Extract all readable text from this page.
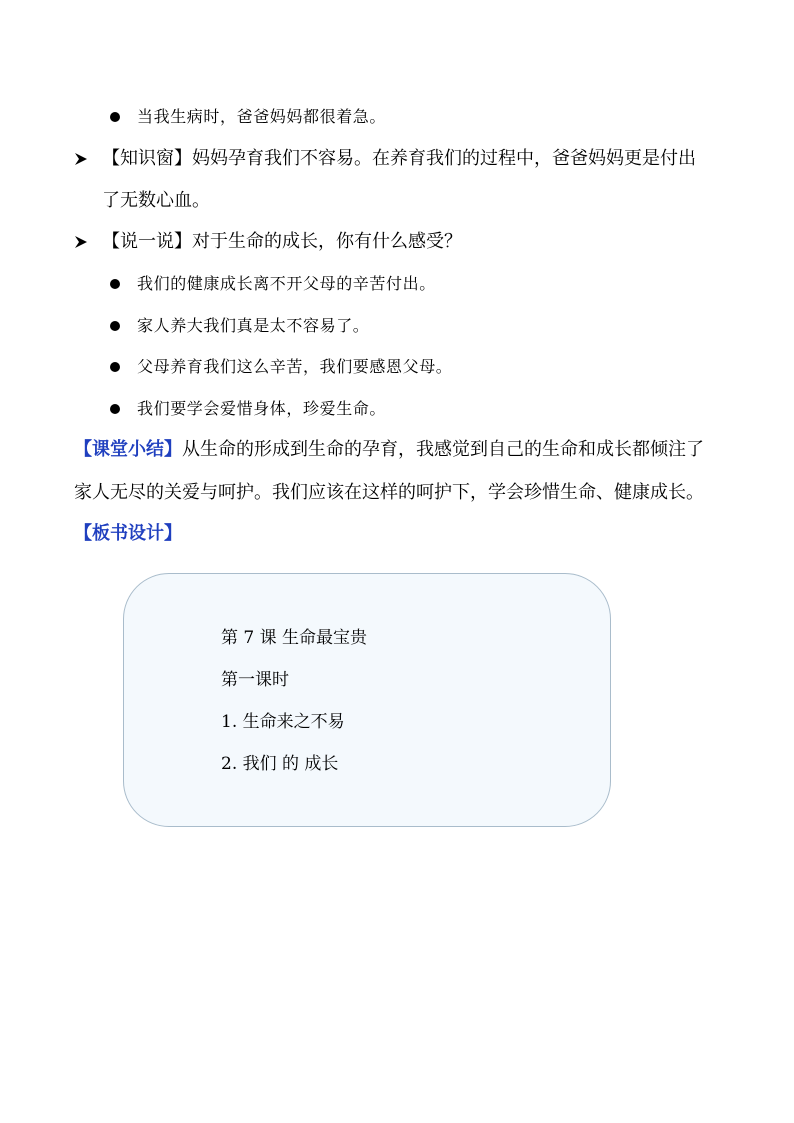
当我生病时，爸爸妈妈都很着急。
【知识窗】妈妈孕育我们不容易。在养育我们的过程中，爸爸妈妈更是付出
了无数心血。
【说一说】对于生命的成长，你有什么感受？
我们的健康成长离不开父母的辛苦付出。
家人养大我们真是太不容易了。
父母养育我们这么辛苦，我们要感恩父母。
我们要学会爱惜身体，珍爱生命。
【课堂小结】从生命的形成到生命的孕育，我感觉到自己的生命和成长都倾注了
家人无尽的关爱与呵护。我们应该在这样的呵护下，学会珍惜生命、健康成长。
【板书设计】
第 7 课 生命最宝贵
第一课时
1. 生命来之不易
2. 我们 的 成长
